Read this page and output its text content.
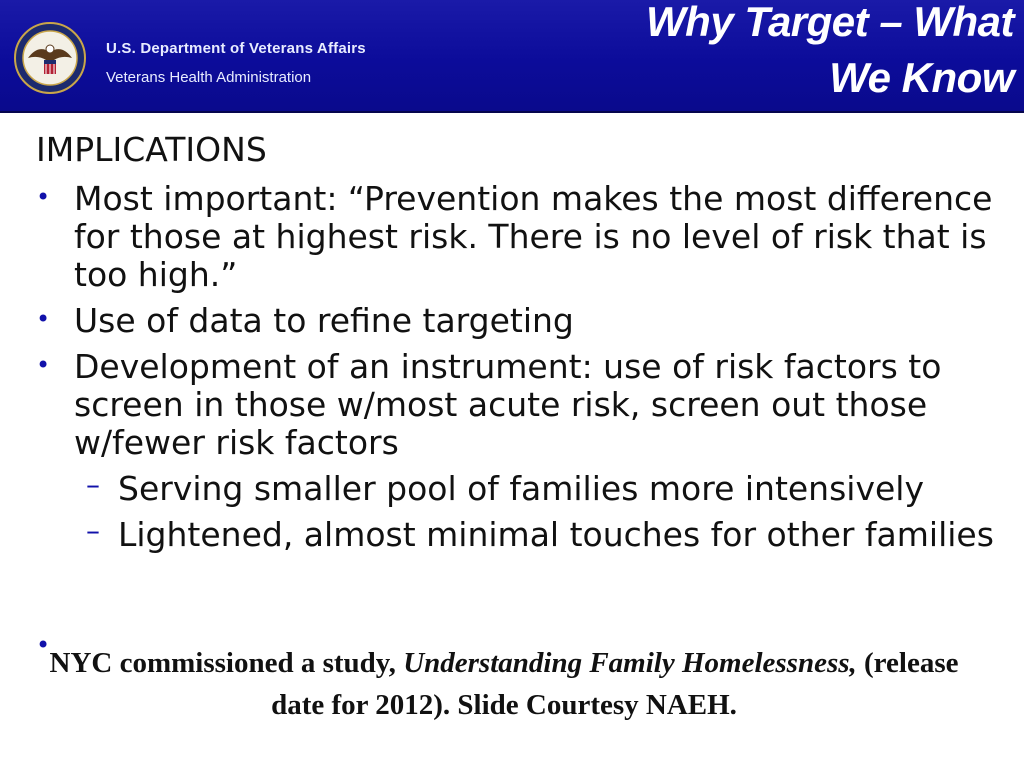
U.S. Department of Veterans Affairs
Veterans Health Administration
Why Target – What
We Know
IMPLICATIONS
• Most important: “Prevention makes the most difference for those at highest risk. There is no level of risk that is too high.”
• Use of data to refine targeting
• Development of an instrument: use of risk factors to screen in those w/most acute risk, screen out those w/fewer risk factors
– Serving smaller pool of families more intensively
– Lightened, almost minimal touches for other families
•
NYC commissioned a study, Understanding Family Homelessness, (release date for 2012). Slide Courtesy NAEH.
